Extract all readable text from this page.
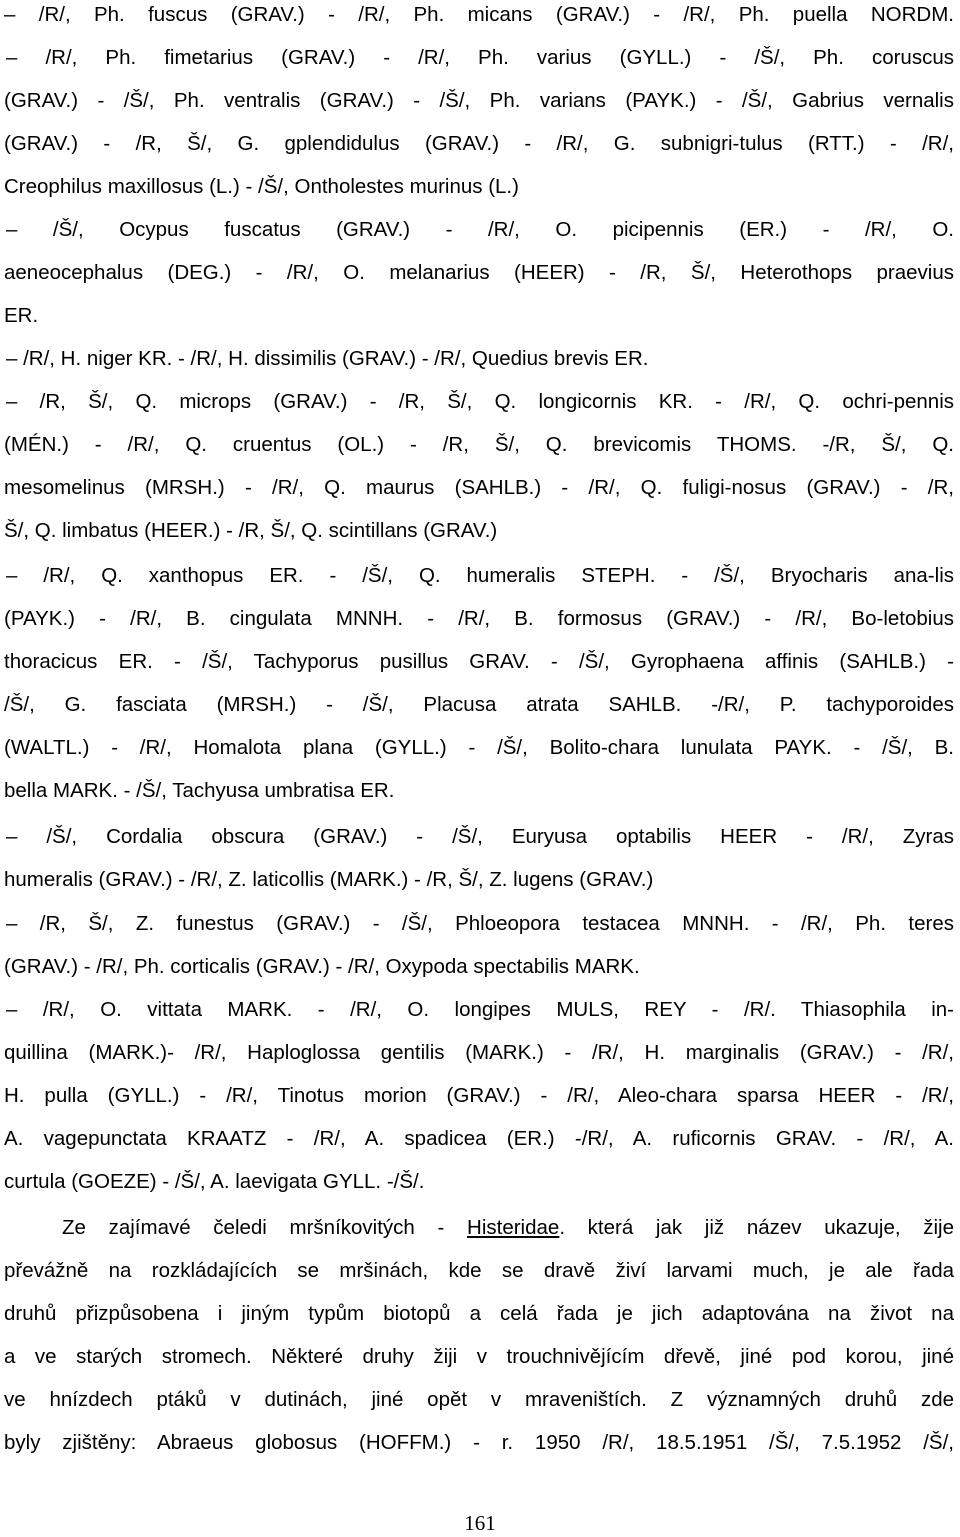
– /R/, Ph. fuscus (GRAV.) - /R/, Ph. micans (GRAV.) - /R/, Ph. puella NORDM.
– /R/, Ph. fimetarius (GRAV.) - /R/, Ph. varius (GYLL.) - /Š/, Ph. coruscus
(GRAV.) - /Š/, Ph. ventralis (GRAV.) - /Š/, Ph. varians (PAYK.) - /Š/, Gabrius vernalis
(GRAV.) - /R, Š/, G. gplendidulus (GRAV.) - /R/, G. subnigri-tulus (RTT.) - /R/,
Creophilus maxillosus (L.) - /Š/, Ontholestes murinus (L.)
– /Š/, Ocypus fuscatus (GRAV.) - /R/, O. picipennis (ER.) - /R/, O.
aeneocephalus (DEG.) - /R/, O. melanarius (HEER) - /R, Š/, Heterothops praevius
ER.
– /R/, H. niger KR. - /R/, H. dissimilis (GRAV.) - /R/, Quedius brevis ER.
– /R, Š/, Q. microps (GRAV.) - /R, Š/, Q. longicornis KR. - /R/, Q. ochri-pennis
(MÉN.) - /R/, Q. cruentus (OL.) - /R, Š/, Q. brevicomis THOMS. -/R, Š/, Q.
mesomelinus (MRSH.) - /R/, Q. maurus (SAHLB.) - /R/, Q. fuligi-nosus (GRAV.) - /R,
Š/, Q. limbatus (HEER.) - /R, Š/, Q. scintillans (GRAV.)
– /R/, Q. xanthopus ER. - /Š/, Q. humeralis STEPH. - /Š/, Bryocharis ana-lis
(PAYK.) - /R/, B. cingulata MNNH. - /R/, B. formosus (GRAV.) - /R/, Bo-letobius
thoracicus ER. - /Š/, Tachyporus pusillus GRAV. - /Š/, Gyrophaena affinis (SAHLB.) -
/Š/, G. fasciata (MRSH.) - /Š/, Placusa atrata SAHLB. -/R/, P. tachyporoides
(WALTL.) - /R/, Homalota plana (GYLL.) - /Š/, Bolito-chara lunulata PAYK. - /Š/, B.
bella MARK. - /Š/, Tachyusa umbratisa ER.
– /Š/, Cordalia obscura (GRAV.) - /Š/, Euryusa optabilis HEER - /R/, Zyras
humeralis (GRAV.) - /R/, Z. laticollis (MARK.) - /R, Š/, Z. lugens (GRAV.)
– /R, Š/, Z. funestus (GRAV.) - /Š/, Phloeopora testacea MNNH. - /R/, Ph. teres
(GRAV.) - /R/, Ph. corticalis (GRAV.) - /R/, Oxypoda spectabilis MARK.
– /R/, O. vittata MARK. - /R/, O. longipes MULS, REY - /R/. Thiasophila in-
quillina (MARK.)- /R/, Haploglossa gentilis (MARK.) - /R/, H. marginalis (GRAV.) - /R/,
H. pulla (GYLL.) - /R/, Tinotus morion (GRAV.) - /R/, Aleo-chara sparsa HEER - /R/,
A. vagepunctata KRAATZ - /R/, A. spadicea (ER.) -/R/, A. ruficornis GRAV. - /R/, A.
curtula (GOEZE) - /Š/, A. laevigata GYLL. -/Š/.
Ze zajímavé čeledi mršníkovitých - Histeridae. která jak již název ukazuje, žije
převážně na rozkládajících se mršinách, kde se dravě živí larvami much, je ale řada
druhů přizpůsobena i jiným typům biotopů a celá řada je jich adaptována na život na
a ve starých stromech. Některé druhy žiji v trouchnivějícím dřevě, jiné pod korou, jiné
ve hnízdech ptáků v dutinách, jiné opět v mraveništích. Z významných druhů zde
byly zjištěny: Abraeus globosus (HOFFM.) - r. 1950 /R/, 18.5.1951 /Š/, 7.5.1952 /Š/,
161
